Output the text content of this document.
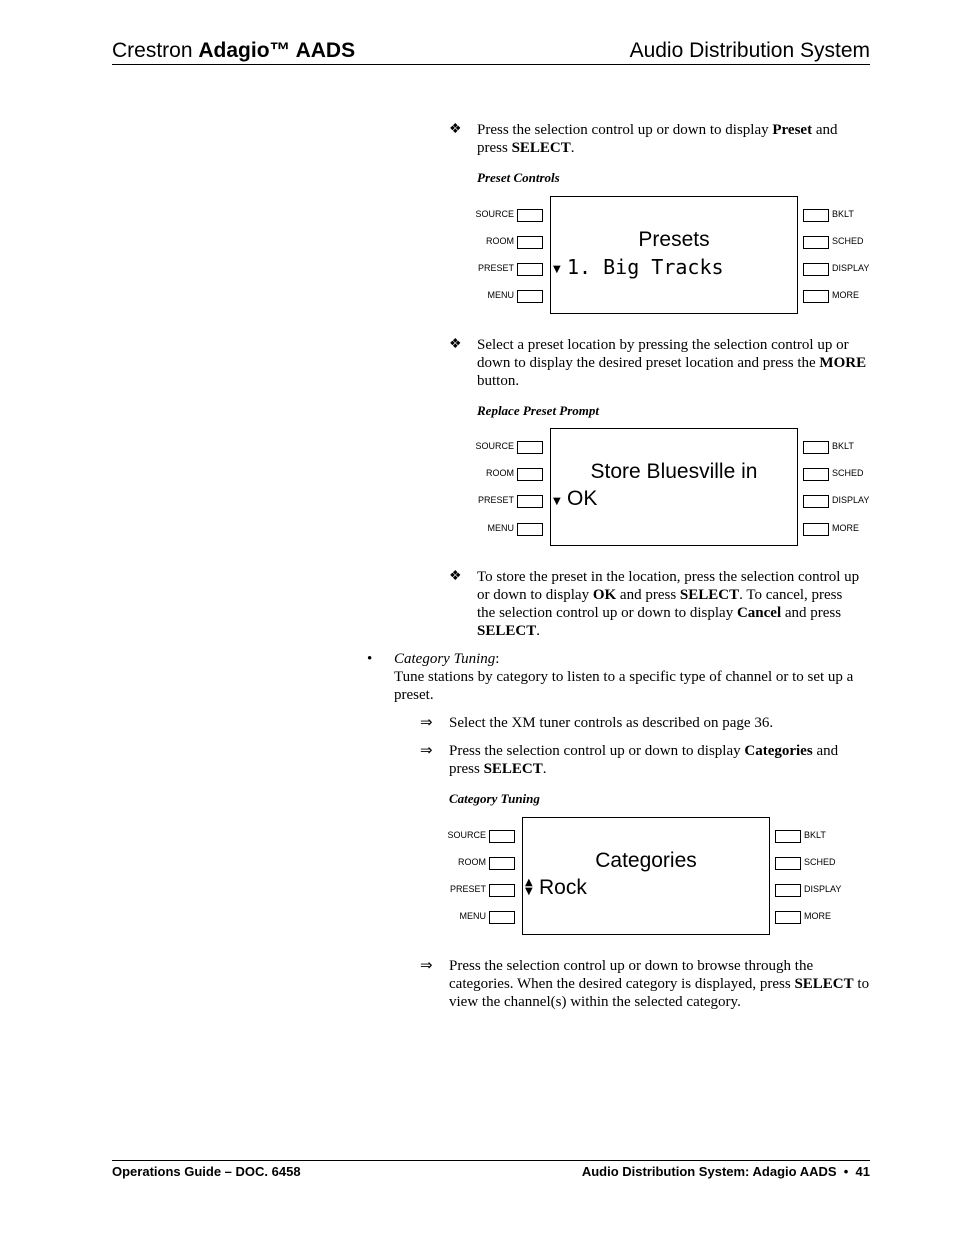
Crestron Adagio™ AADS	Audio Distribution System
❖ Press the selection control up or down to display Preset and press SELECT.
Preset Controls
SOURCE
ROOM
PRESET
MENU
Presets
▼ 1. Big Tracks
BKLT
SCHED
DISPLAY
MORE
❖ Select a preset location by pressing the selection control up or down to display the desired preset location and press the MORE button.
Replace Preset Prompt
SOURCE
ROOM
PRESET
MENU
Store Bluesville in
▼ OK
BKLT
SCHED
DISPLAY
MORE
❖ To store the preset in the location, press the selection control up or down to display OK and press SELECT. To cancel, press the selection control up or down to display Cancel and press SELECT.
• Category Tuning:
Tune stations by category to listen to a specific type of channel or to set up a preset.
⇒ Select the XM tuner controls as described on page 36.
⇒ Press the selection control up or down to display Categories and press SELECT.
Category Tuning
SOURCE
ROOM
PRESET
MENU
Categories
▲
▼ Rock
BKLT
SCHED
DISPLAY
MORE
⇒ Press the selection control up or down to browse through the categories. When the desired category is displayed, press SELECT to view the channel(s) within the selected category.
Operations Guide – DOC. 6458	Audio Distribution System: Adagio AADS  •  41
